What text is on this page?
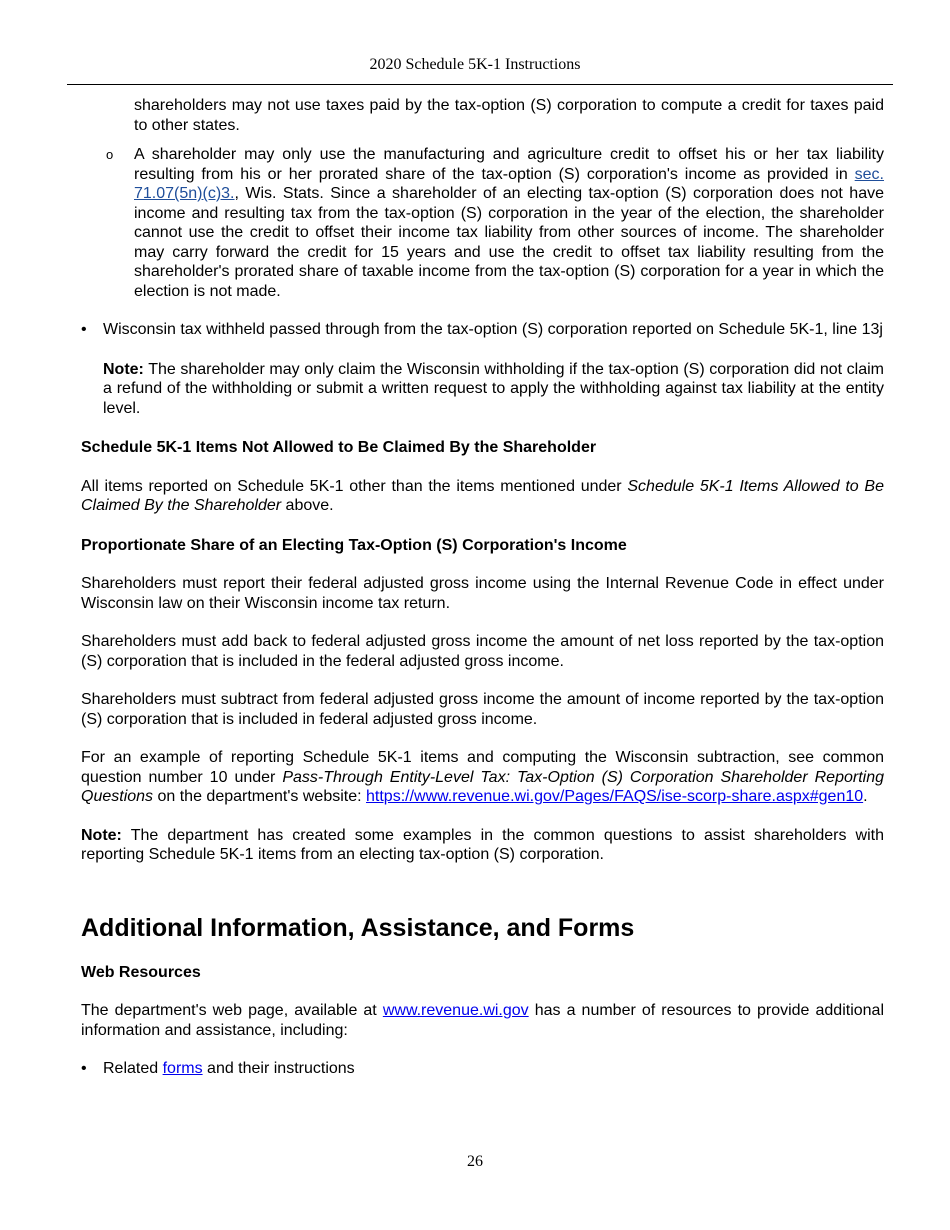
2020 Schedule 5K-1 Instructions

shareholders may not use taxes paid by the tax-option (S) corporation to compute a credit for taxes paid to other states.

o A shareholder may only use the manufacturing and agriculture credit to offset his or her tax liability resulting from his or her prorated share of the tax-option (S) corporation's income as provided in sec. 71.07(5n)(c)3., Wis. Stats. Since a shareholder of an electing tax-option (S) corporation does not have income and resulting tax from the tax-option (S) corporation in the year of the election, the shareholder cannot use the credit to offset their income tax liability from other sources of income. The shareholder may carry forward the credit for 15 years and use the credit to offset tax liability resulting from the shareholder's prorated share of taxable income from the tax-option (S) corporation for a year in which the election is not made.

• Wisconsin tax withheld passed through from the tax-option (S) corporation reported on Schedule 5K-1, line 13j

Note: The shareholder may only claim the Wisconsin withholding if the tax-option (S) corporation did not claim a refund of the withholding or submit a written request to apply the withholding against tax liability at the entity level.

Schedule 5K-1 Items Not Allowed to Be Claimed By the Shareholder

All items reported on Schedule 5K-1 other than the items mentioned under Schedule 5K-1 Items Allowed to Be Claimed By the Shareholder above.

Proportionate Share of an Electing Tax-Option (S) Corporation's Income

Shareholders must report their federal adjusted gross income using the Internal Revenue Code in effect under Wisconsin law on their Wisconsin income tax return.

Shareholders must add back to federal adjusted gross income the amount of net loss reported by the tax-option (S) corporation that is included in the federal adjusted gross income.

Shareholders must subtract from federal adjusted gross income the amount of income reported by the tax-option (S) corporation that is included in federal adjusted gross income.

For an example of reporting Schedule 5K-1 items and computing the Wisconsin subtraction, see common question number 10 under Pass-Through Entity-Level Tax: Tax-Option (S) Corporation Shareholder Reporting Questions on the department's website: https://www.revenue.wi.gov/Pages/FAQS/ise-scorp-share.aspx#gen10.

Note: The department has created some examples in the common questions to assist shareholders with reporting Schedule 5K-1 items from an electing tax-option (S) corporation.

Additional Information, Assistance, and Forms
Web Resources

The department's web page, available at www.revenue.wi.gov has a number of resources to provide additional information and assistance, including:

• Related forms and their instructions

26
